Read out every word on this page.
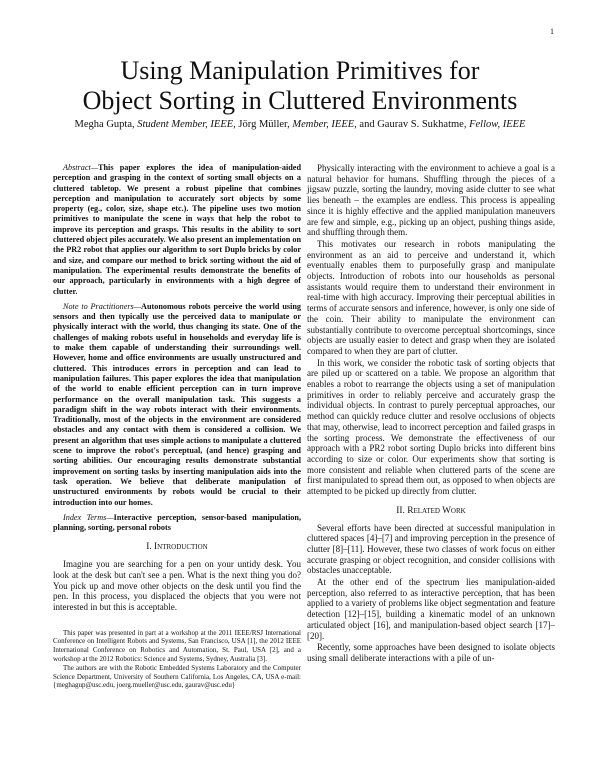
1
Using Manipulation Primitives for
Object Sorting in Cluttered Environments
Megha Gupta, Student Member, IEEE, Jörg Müller, Member, IEEE, and Gaurav S. Sukhatme, Fellow, IEEE

Abstract—This paper explores the idea of manipulation-aided perception and grasping in the context of sorting small objects on a cluttered tabletop. We present a robust pipeline that combines perception and manipulation to accurately sort objects by some property (eg., color, size, shape etc.). The pipeline uses two motion primitives to manipulate the scene in ways that help the robot to improve its perception and grasps. This results in the ability to sort cluttered object piles accurately. We also present an implementation on the PR2 robot that applies our algorithm to sort Duplo bricks by color and size, and compare our method to brick sorting without the aid of manipulation. The experimental results demonstrate the benefits of our approach, particularly in environments with a high degree of clutter.

Note to Practitioners—Autonomous robots perceive the world using sensors and then typically use the perceived data to manipulate or physically interact with the world, thus changing its state. One of the challenges of making robots useful in households and everyday life is to make them capable of understanding their surroundings well. However, home and office environments are usually unstructured and cluttered. This introduces errors in perception and can lead to manipulation failures. This paper explores the idea that manipulation of the world to enable efficient perception can in turn improve performance on the overall manipulation task. This suggests a paradigm shift in the way robots interact with their environments. Traditionally, most of the objects in the environment are considered obstacles and any contact with them is considered a collision. We present an algorithm that uses simple actions to manipulate a cluttered scene to improve the robot's perceptual, (and hence) grasping and sorting abilities. Our encouraging results demonstrate substantial improvement on sorting tasks by inserting manipulation aids into the task operation. We believe that deliberate manipulation of unstructured environments by robots would be crucial to their introduction into our homes.

Index Terms—Interactive perception, sensor-based manipulation, planning, sorting, personal robots

I. Introduction

Imagine you are searching for a pen on your untidy desk. You look at the desk but can't see a pen. What is the next thing you do? You pick up and move other objects on the desk until you find the pen. In this process, you displaced the objects that you were not interested in but this is acceptable.

This paper was presented in part at a workshop at the 2011 IEEE/RSJ International Conference on Intelligent Robots and Systems, San Francisco, USA [1], the 2012 IEEE International Conference on Robotics and Automation, St. Paul, USA [2], and a workshop at the 2012 Robotics: Science and Systems, Sydney, Australia [3].

The authors are with the Robotic Embedded Systems Laboratory and the Computer Science Department, University of Southern California, Los Angeles, CA, USA e-mail: {meghagup@usc.edu, joerg.mueller@usc.edu, gaurav@usc.edu}

Physically interacting with the environment to achieve a goal is a natural behavior for humans. Shuffling through the pieces of a jigsaw puzzle, sorting the laundry, moving aside clutter to see what lies beneath – the examples are endless. This process is appealing since it is highly effective and the applied manipulation maneuvers are few and simple, e.g., picking up an object, pushing things aside, and shuffling through them.

This motivates our research in robots manipulating the environment as an aid to perceive and understand it, which eventually enables them to purposefully grasp and manipulate objects. Introduction of robots into our households as personal assistants would require them to understand their environment in real-time with high accuracy. Improving their perceptual abilities in terms of accurate sensors and inference, however, is only one side of the coin. Their ability to manipulate the environment can substantially contribute to overcome perceptual shortcomings, since objects are usually easier to detect and grasp when they are isolated compared to when they are part of clutter.

In this work, we consider the robotic task of sorting objects that are piled up or scattered on a table. We propose an algorithm that enables a robot to rearrange the objects using a set of manipulation primitives in order to reliably perceive and accurately grasp the individual objects. In contrast to purely perceptual approaches, our method can quickly reduce clutter and resolve occlusions of objects that may, otherwise, lead to incorrect perception and failed grasps in the sorting process. We demonstrate the effectiveness of our approach with a PR2 robot sorting Duplo bricks into different bins according to size or color. Our experiments show that sorting is more consistent and reliable when cluttered parts of the scene are first manipulated to spread them out, as opposed to when objects are attempted to be picked up directly from clutter.

II. Related Work

Several efforts have been directed at successful manipulation in cluttered spaces [4]–[7] and improving perception in the presence of clutter [8]–[11]. However, these two classes of work focus on either accurate grasping or object recognition, and consider collisions with obstacles unacceptable.

At the other end of the spectrum lies manipulation-aided perception, also referred to as interactive perception, that has been applied to a variety of problems like object segmentation and feature detection [12]–[15], building a kinematic model of an unknown articulated object [16], and manipulation-based object search [17]–[20].

Recently, some approaches have been designed to isolate objects using small deliberate interactions with a pile of un-
